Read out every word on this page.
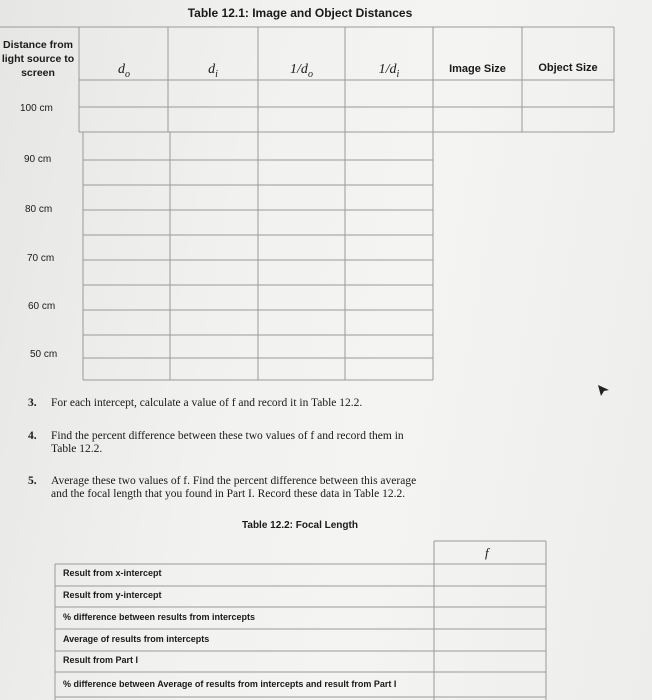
Table 12.1: Image and Object Distances
Distance from
light source to
screen	$d_o$	$d_i$	$1/d_o$	$1/d_i$	Image Size	Object Size
100 cm
90 cm
80 cm
70 cm
60 cm
50 cm
3. For each intercept, calculate a value of f and record it in Table 12.2.
4. Find the percent difference between these two values of f and record them in
Table 12.2.
5. Average these two values of f. Find the percent difference between this average
and the focal length that you found in Part I. Record these data in Table 12.2.
Table 12.2: Focal Length
f
Result from x-intercept
Result from y-intercept
% difference between results from intercepts
Average of results from intercepts
Result from Part I
% difference between Average of results from intercepts and result from Part I
